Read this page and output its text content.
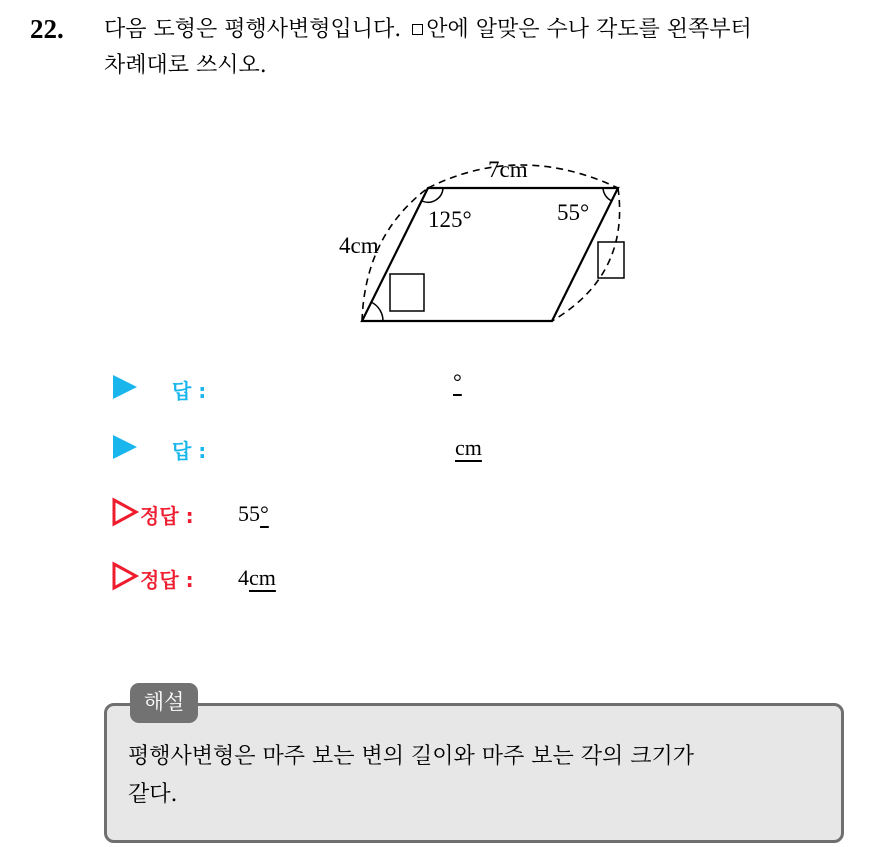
22. 다음 도형은 평행사변형입니다. 안에 알맞은 수나 각도를 왼쪽부터
차례대로 쓰시오.
7cm
4cm
125°	55°
답 :	°
답 :	cm
정답 : 55°
정답 : 4cm
해설
평행사변형은 마주 보는 변의 길이와 마주 보는 각의 크기가
같다.
